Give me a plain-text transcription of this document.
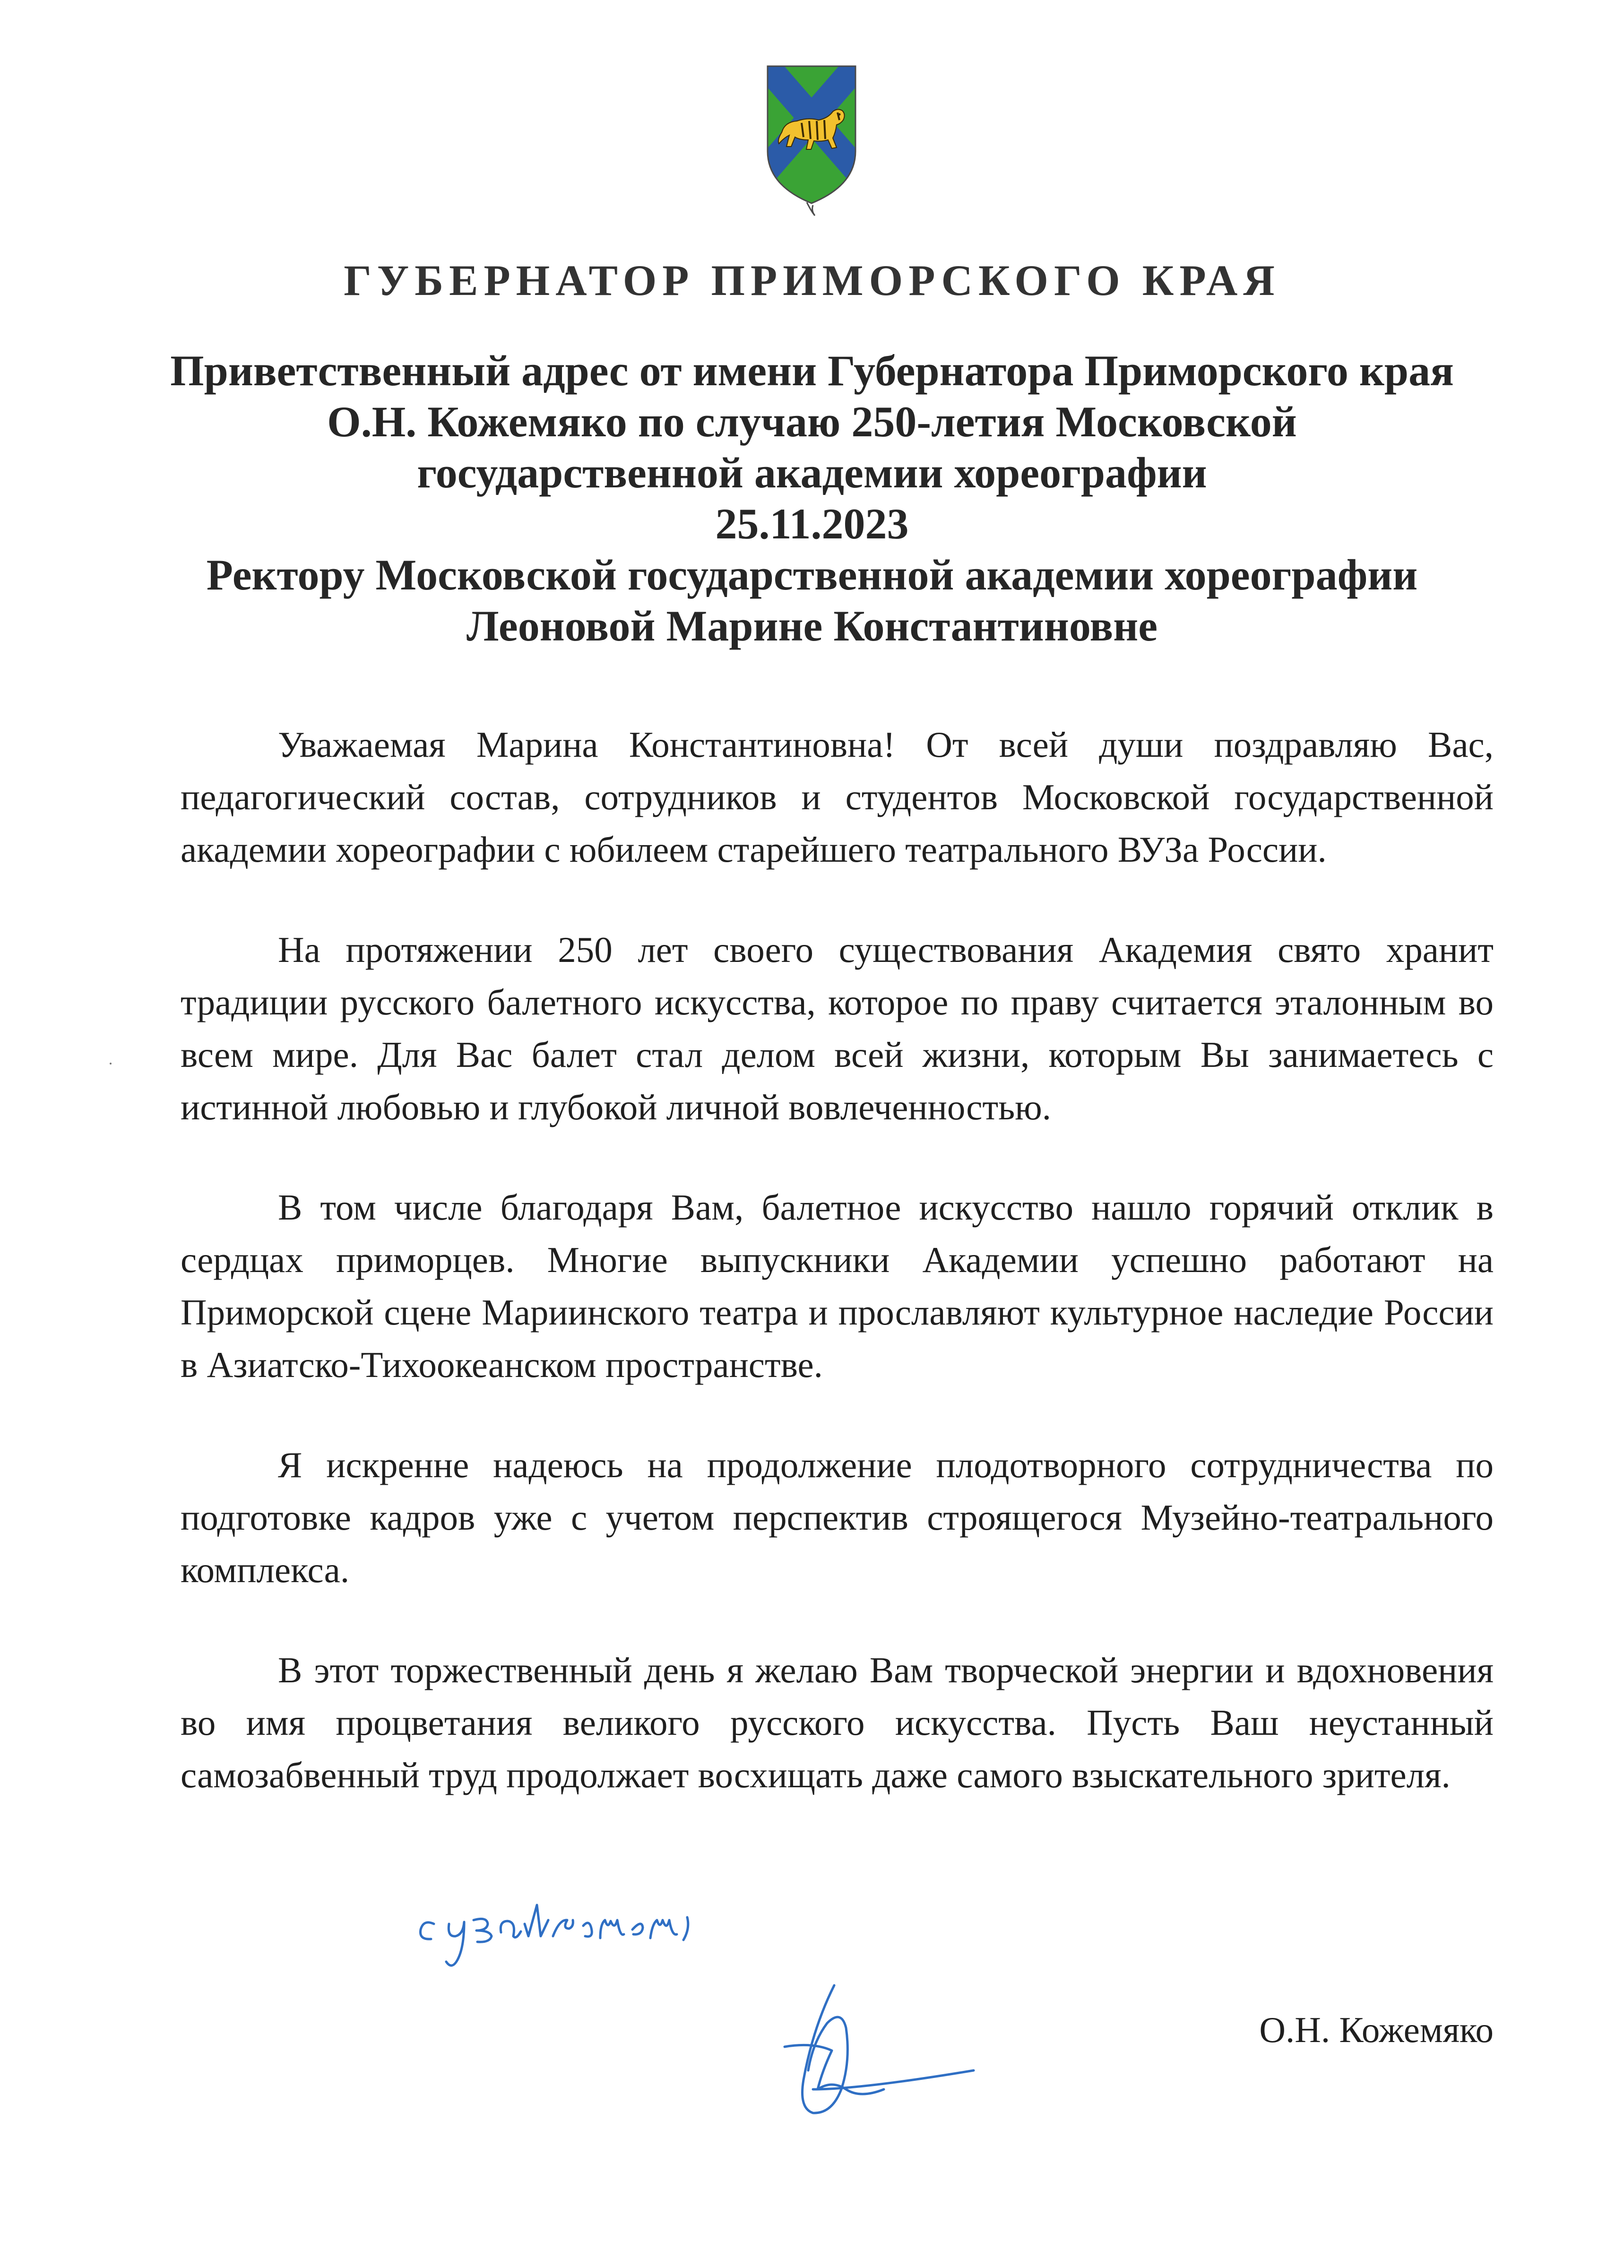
ГУБЕРНАТОР ПРИМОРСКОГО КРАЯ
Приветственный адрес от имени Губернатора Приморского края
О.Н. Кожемяко по случаю 250-летия Московской
государственной академии хореографии
25.11.2023
Ректору Московской государственной академии хореографии
Леоновой Марине Константиновне

Уважаемая Марина Константиновна! От всей души поздравляю Вас, педагогический состав, сотрудников и студентов Московской государственной академии хореографии с юбилеем старейшего театрального ВУЗа России.

На протяжении 250 лет своего существования Академия свято хранит традиции русского балетного искусства, которое по праву считается эталонным во всем мире. Для Вас балет стал делом всей жизни, которым Вы занимаетесь с истинной любовью и глубокой личной вовлеченностью.

В том числе благодаря Вам, балетное искусство нашло горячий отклик в сердцах приморцев. Многие выпускники Академии успешно работают на Приморской сцене Мариинского театра и прославляют культурное наследие России в Азиатско-Тихоокеанском пространстве.

Я искренне надеюсь на продолжение плодотворного сотрудничества по подготовке кадров уже с учетом перспектив строящегося Музейно-театрального комплекса.

В этот торжественный день я желаю Вам творческой энергии и вдохновения во имя процветания великого русского искусства. Пусть Ваш неустанный самозабвенный труд продолжает восхищать даже самого взыскательного зрителя.

О.Н. Кожемяко
